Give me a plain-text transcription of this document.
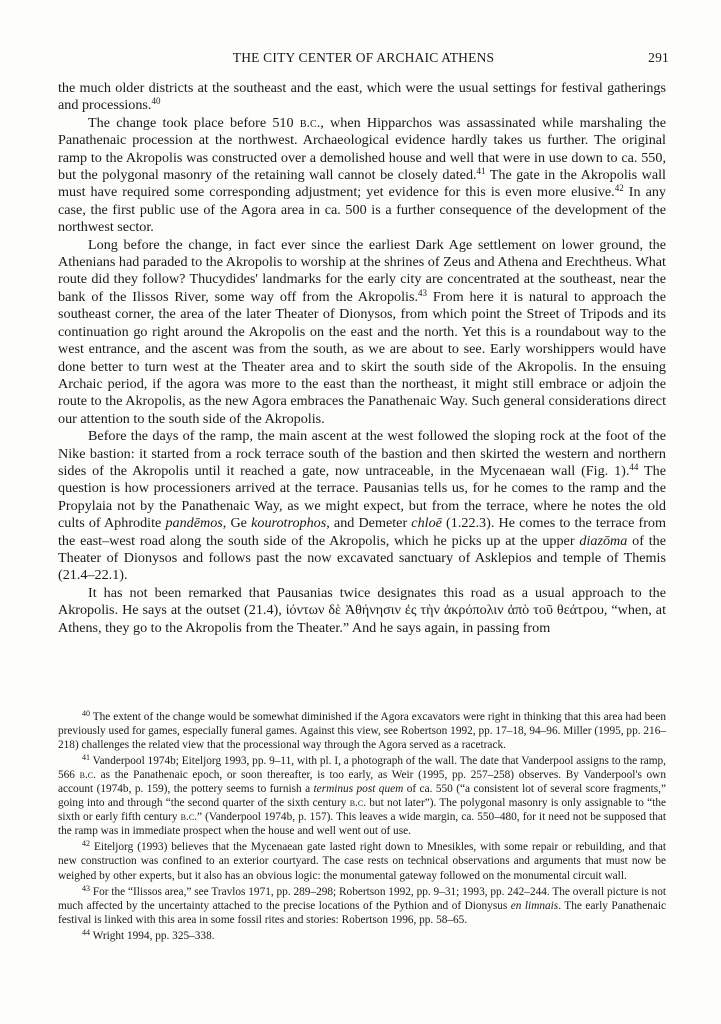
THE CITY CENTER OF ARCHAIC ATHENS	291

the much older districts at the southeast and the east, which were the usual settings for festival gatherings and processions.$^{40}$

The change took place before 510 b.c., when Hipparchos was assassinated while marshaling the Panathenaic procession at the northwest. Archaeological evidence hardly takes us further. The original ramp to the Akropolis was constructed over a demolished house and well that were in use down to ca. 550, but the polygonal masonry of the retaining wall cannot be closely dated.$^{41}$ The gate in the Akropolis wall must have required some corresponding adjustment; yet evidence for this is even more elusive.$^{42}$ In any case, the first public use of the Agora area in ca. 500 is a further consequence of the development of the northwest sector.

Long before the change, in fact ever since the earliest Dark Age settlement on lower ground, the Athenians had paraded to the Akropolis to worship at the shrines of Zeus and Athena and Erechtheus. What route did they follow? Thucydides' landmarks for the early city are concentrated at the southeast, near the bank of the Ilissos River, some way off from the Akropolis.$^{43}$ From here it is natural to approach the southeast corner, the area of the later Theater of Dionysos, from which point the Street of Tripods and its continuation go right around the Akropolis on the east and the north. Yet this is a roundabout way to the west entrance, and the ascent was from the south, as we are about to see. Early worshippers would have done better to turn west at the Theater area and to skirt the south side of the Akropolis. In the ensuing Archaic period, if the agora was more to the east than the northeast, it might still embrace or adjoin the route to the Akropolis, as the new Agora embraces the Panathenaic Way. Such general considerations direct our attention to the south side of the Akropolis.

Before the days of the ramp, the main ascent at the west followed the sloping rock at the foot of the Nike bastion: it started from a rock terrace south of the bastion and then skirted the western and northern sides of the Akropolis until it reached a gate, now untraceable, in the Mycenaean wall (Fig. 1).$^{44}$ The question is how processioners arrived at the terrace. Pausanias tells us, for he comes to the ramp and the Propylaia not by the Panathenaic Way, as we might expect, but from the terrace, where he notes the old cults of Aphrodite pandēmos, Ge kourotrophos, and Demeter chloē (1.22.3). He comes to the terrace from the east–west road along the south side of the Akropolis, which he picks up at the upper diazōma of the Theater of Dionysos and follows past the now excavated sanctuary of Asklepios and temple of Themis (21.4–22.1).

It has not been remarked that Pausanias twice designates this road as a usual approach to the Akropolis. He says at the outset (21.4), ἰόντων δὲ Ἀθήνησιν ἐς τὴν ἀκρόπολιν ἀπὸ τοῦ θεάτρου, “when, at Athens, they go to the Akropolis from the Theater.” And he says again, in passing from

$^{40}$ The extent of the change would be somewhat diminished if the Agora excavators were right in thinking that this area had been previously used for games, especially funeral games. Against this view, see Robertson 1992, pp. 17–18, 94–96. Miller (1995, pp. 216–218) challenges the related view that the processional way through the Agora served as a racetrack.

$^{41}$ Vanderpool 1974b; Eiteljorg 1993, pp. 9–11, with pl. I, a photograph of the wall. The date that Vanderpool assigns to the ramp, 566 b.c. as the Panathenaic epoch, or soon thereafter, is too early, as Weir (1995, pp. 257–258) observes. By Vanderpool's own account (1974b, p. 159), the pottery seems to furnish a terminus post quem of ca. 550 (“a consistent lot of several score fragments,” going into and through “the second quarter of the sixth century b.c. but not later”). The polygonal masonry is only assignable to “the sixth or early fifth century b.c.” (Vanderpool 1974b, p. 157). This leaves a wide margin, ca. 550–480, for it need not be supposed that the ramp was in immediate prospect when the house and well went out of use.

$^{42}$ Eiteljorg (1993) believes that the Mycenaean gate lasted right down to Mnesikles, with some repair or rebuilding, and that new construction was confined to an exterior courtyard. The case rests on technical observations and arguments that must now be weighed by other experts, but it also has an obvious logic: the monumental gateway followed on the monumental circuit wall.

$^{43}$ For the “Ilissos area,” see Travlos 1971, pp. 289–298; Robertson 1992, pp. 9–31; 1993, pp. 242–244. The overall picture is not much affected by the uncertainty attached to the precise locations of the Pythion and of Dionysus en limnais. The early Panathenaic festival is linked with this area in some fossil rites and stories: Robertson 1996, pp. 58–65.

$^{44}$ Wright 1994, pp. 325–338.
